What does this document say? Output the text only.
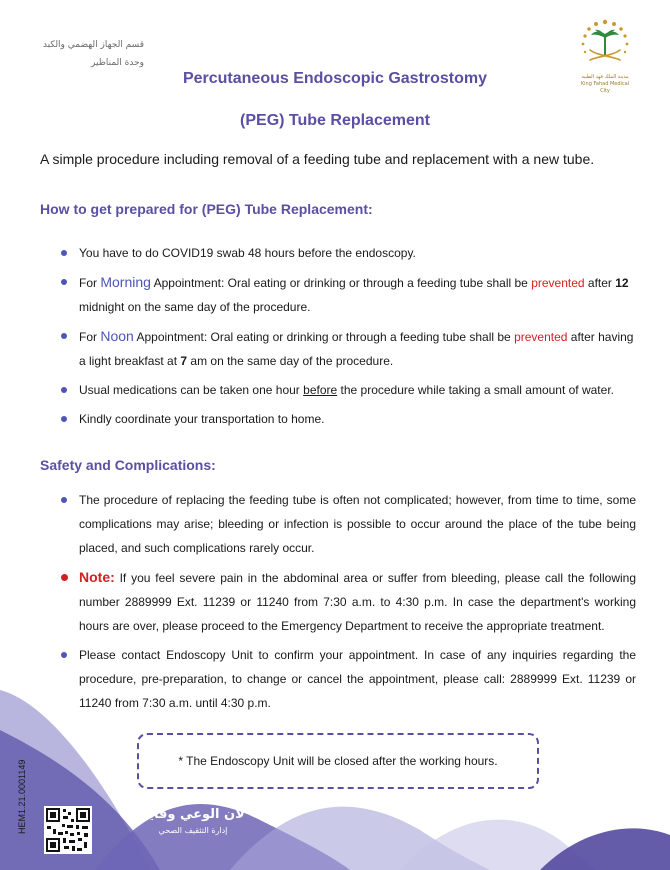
قسم الجهاز الهضمي والكبد
وحدة المناظير
مدينة الملك فهد الطبية
King Fahad Medical City
Percutaneous Endoscopic Gastrostomy
(PEG) Tube Replacement
A simple procedure including removal of a feeding tube and replacement with a new tube.
How to get prepared for (PEG) Tube Replacement:
You have to do COVID19 swab 48 hours before the endoscopy.
For Morning Appointment: Oral eating or drinking or through a feeding tube shall be prevented after 12 midnight on the same day of the procedure.
For Noon Appointment: Oral eating or drinking or through a feeding tube shall be prevented after having a light breakfast at 7 am on the same day of the procedure.
Usual medications can be taken one hour before the procedure while taking a small amount of water.
Kindly coordinate your transportation to home.
Safety and Complications:
The procedure of replacing the feeding tube is often not complicated; however, from time to time, some complications may arise; bleeding or infection is possible to occur around the place of the tube being placed, and such complications rarely occur.
Note: If you feel severe pain in the abdominal area or suffer from bleeding, please call the following number 2889999 Ext. 11239 or 11240 from 7:30 a.m. to 4:30 p.m. In case the department's working hours are over, please proceed to the Emergency Department to receive the appropriate treatment.
Please contact Endoscopy Unit to confirm your appointment. In case of any inquiries regarding the procedure, pre-preparation, to change or cancel the appointment, please call: 2889999 Ext. 11239 or 11240 from 7:30 a.m. until 4:30 p.m.
* The Endoscopy Unit will be closed after the working hours.
HEM1.21.0001149	لأن الوعي وقاية
إدارة التثقيف الصحي
